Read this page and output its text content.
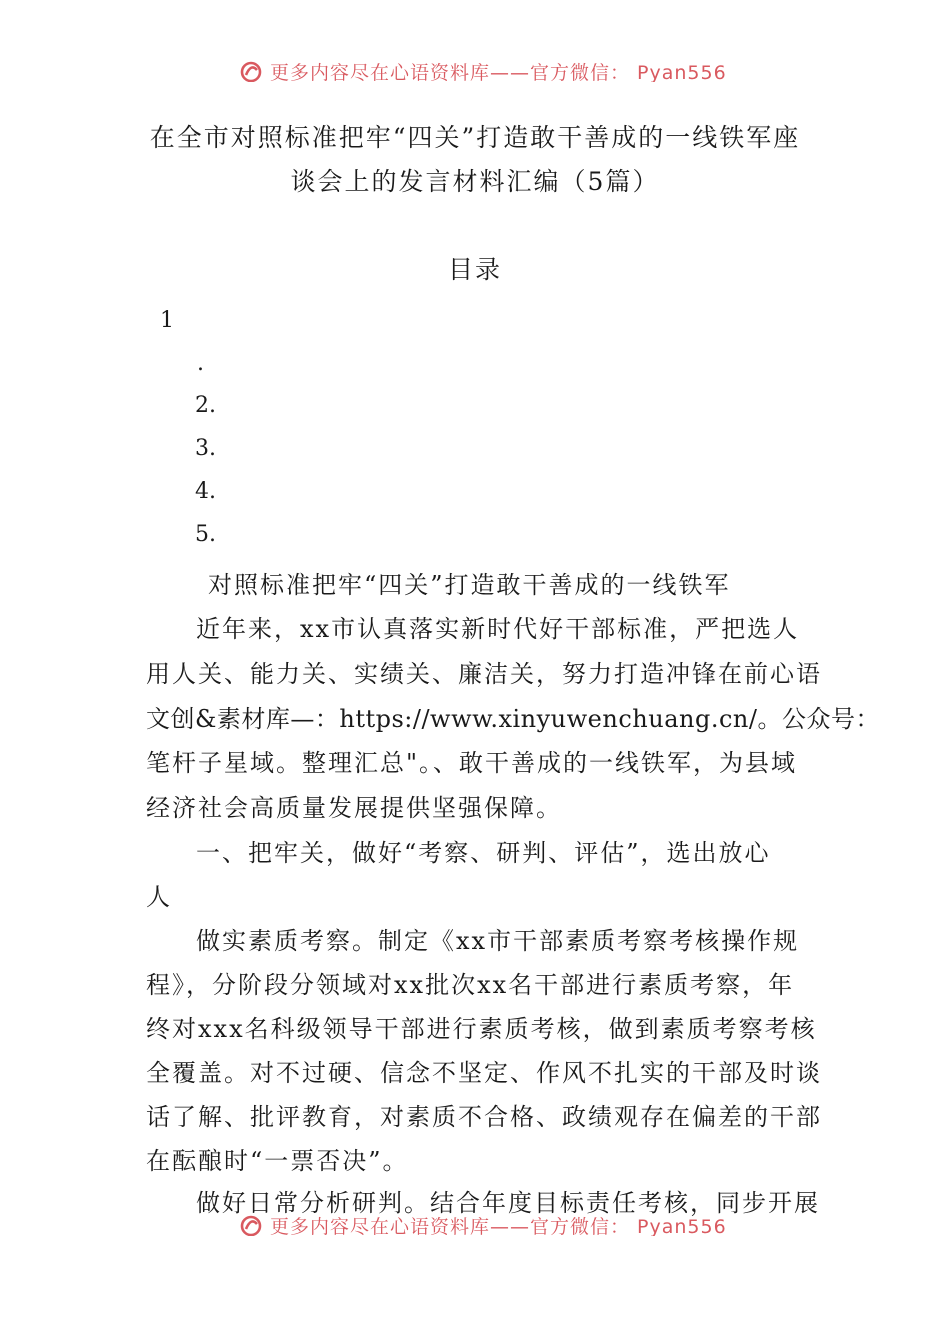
更多内容尽在心语资料库——官方微信： Pyan556
在全市对照标准把牢“四关”打造敢干善成的一线铁军座
谈会上的发言材料汇编（5篇）
目录
1
.
2.
3.
4.
5.
对照标准把牢“四关”打造敢干善成的一线铁军
近年来，xx市认真落实新时代好干部标准，严把选人
用人关、能力关、实绩关、廉洁关，努力打造冲锋在前心语
文创&素材库—：https://www.xinyuwenchuang.cn/。公众号：
笔杆子星域。整理汇总"。、敢干善成的一线铁军，为县域
经济社会高质量发展提供坚强保障。
一、把牢关，做好“考察、研判、评估”，选出放心
人
做实素质考察。制定《xx市干部素质考察考核操作规
程》，分阶段分领域对xx批次xx名干部进行素质考察，年
终对xxx名科级领导干部进行素质考核，做到素质考察考核
全覆盖。对不过硬、信念不坚定、作风不扎实的干部及时谈
话了解、批评教育，对素质不合格、政绩观存在偏差的干部
在酝酿时“一票否决”。
做好日常分析研判。结合年度目标责任考核，同步开展
更多内容尽在心语资料库——官方微信： Pyan556
